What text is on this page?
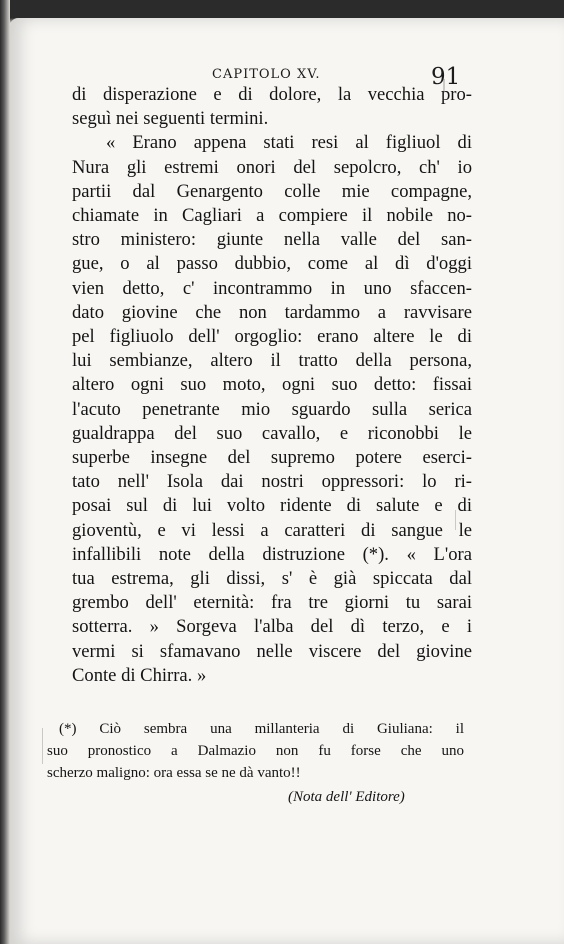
CAPITOLO XV.	91
di disperazione e di dolore, la vecchia pro-
seguì nei seguenti termini.
« Erano appena stati resi al figliuol di
Nura gli estremi onori del sepolcro, ch' io
partii dal Genargento colle mie compagne,
chiamate in Cagliari a compiere il nobile no-
stro ministero: giunte nella valle del san-
gue, o al passo dubbio, come al dì d'oggi
vien detto, c' incontrammo in uno sfaccen-
dato giovine che non tardammo a ravvisare
pel figliuolo dell' orgoglio: erano altere le di
lui sembianze, altero il tratto della persona,
altero ogni suo moto, ogni suo detto: fissai
l'acuto penetrante mio sguardo sulla serica
gualdrappa del suo cavallo, e riconobbi le
superbe insegne del supremo potere eserci-
tato nell' Isola dai nostri oppressori: lo ri-
posai sul di lui volto ridente di salute e di
gioventù, e vi lessi a caratteri di sangue le
infallibili note della distruzione (*). « L'ora
tua estrema, gli dissi, s' è già spiccata dal
grembo dell' eternità: fra tre giorni tu sarai
sotterra. » Sorgeva l'alba del dì terzo, e i
vermi si sfamavano nelle viscere del giovine
Conte di Chirra. »
(*) Ciò sembra una millanteria di Giuliana: il
suo pronostico a Dalmazio non fu forse che uno
scherzo maligno: ora essa se ne dà vanto!!
(Nota dell' Editore)
